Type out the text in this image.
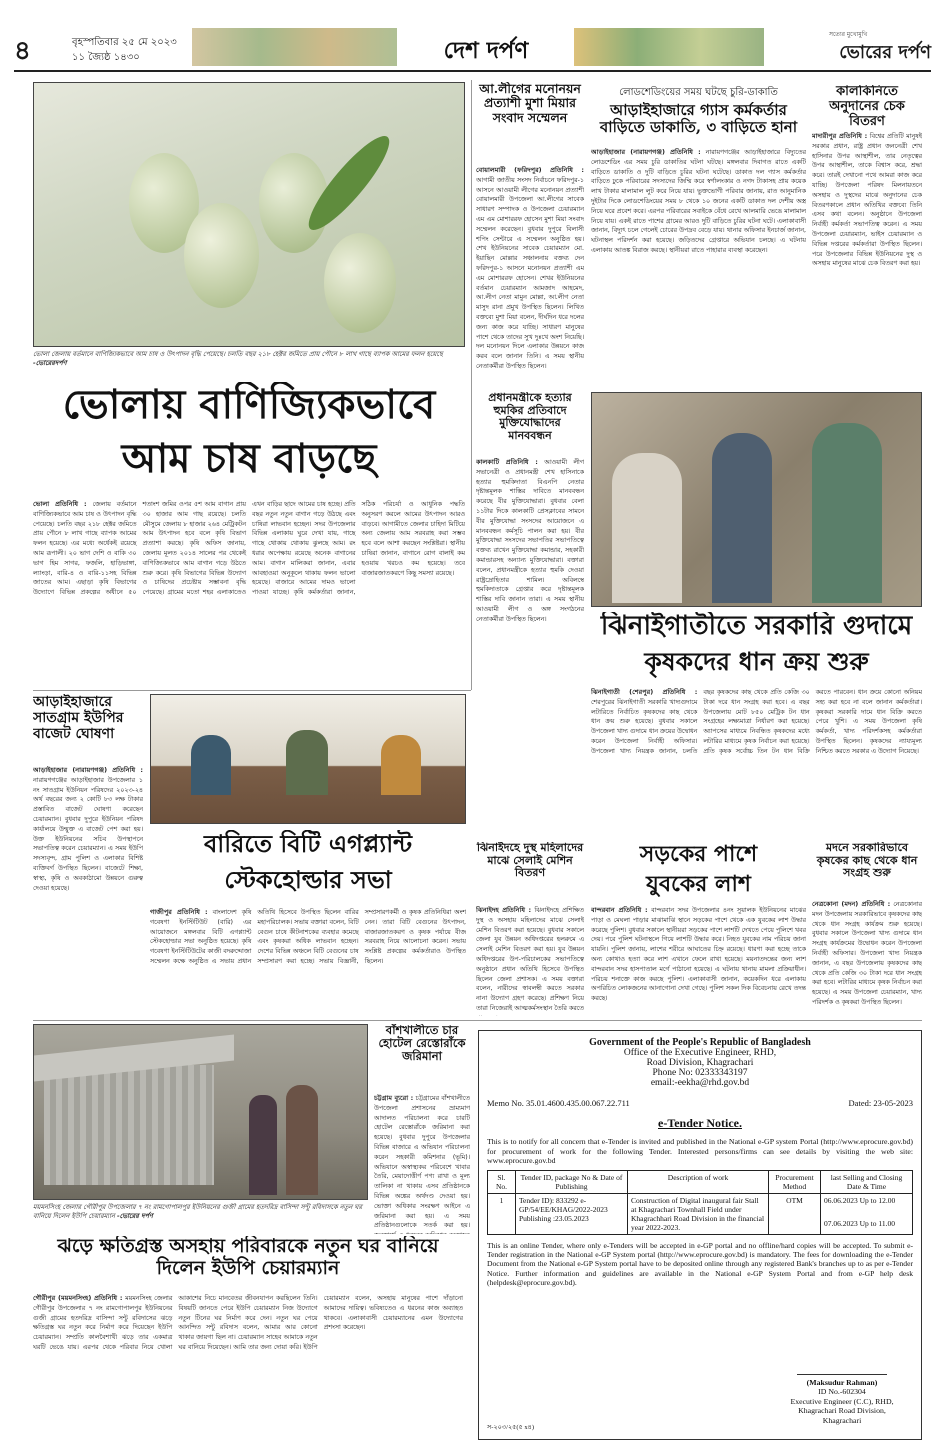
৪	বৃহস্পতিবার ২৫ মে ২০২৩
১১ জ্যৈষ্ঠ ১৪৩০	দেশ দর্পণ
সত্যের মুখোমুখি
ভোরের দর্পণ
ভোলা জেলায় বর্তমানে বাণিজ্যিকভাবে আম চাষ ও উৎপাদন বৃদ্ধি পেয়েছে। চলতি বছর ২১৮ হেক্টর জমিতে প্রায় পৌনে ৮ লাখ গাছে ব্যাপক আমের ফলন হয়েছে -ভোরেরদর্পণ
ভোলায় বাণিজ্যিকভাবে
আম চাষ বাড়ছে
ভোলা প্রতিনিধি : জেলায় বর্তমানে বাণিজ্যিকভাবে আম চাষ ও উৎপাদন বৃদ্ধি পেয়েছে। চলতি বছর ২১৮ হেক্টর জমিতে প্রায় পৌনে ৮ লাখ গাছে ব্যাপক আমের ফলন হয়েছে। এর মধ্যে অর্ধেকই রয়েছে আম রূপালী। ২০ ভাগ দেশি ও বাকি ৩০ ভাগ হিম সাগর, ফজলি, হাড়িভাঙ্গা, ল্যাংড়া, বারি-৪ ও বারি-১১সহ বিভিন্ন জাতের আম। এছাড়া কৃষি বিভাগের উদ্যোগে বিভিন্ন প্রকল্পের অধীনে ৫০ শতাংশ জমির ওপর ৫শ আম বাগান প্রায় ৩০ হাজার আম গাছ রয়েছে। চলতি মৌসুমে জেলায় ৮ হাজার ২৬৪ মেট্রিকটন আম উৎপাদন হবে বলে কৃষি বিভাগ প্রত্যাশা করছে। কৃষি অফিস জানায়, জেলায় মূলত ২০১৪ সালের পর থেকেই বাণিজ্যিকভাবে আম বাগান গড়ে উঠতে শুরু করে। কৃষি বিভাগের বিভিন্ন উদ্যোগ ও চাষিদের প্রচেষ্টায় সম্ভাবনা বৃদ্ধি পেয়েছে। গ্রামের মতো শহর এলাকাতেও এখন বাড়ির ছাদে আমের চাষ হচ্ছে। প্রতি বছর নতুন নতুন বাগান গড়ে উঠছে এবং চাষিরা লাভবান হচ্ছেন। সদর উপজেলার বিভিন্ন এলাকায় ঘুরে দেখা যায়, গাছে গাছে থোকায় থোকায় ঝুলছে আম। রং ধরার অপেক্ষায় রয়েছে অনেক বাগানের আম। বাগান মালিকরা জানান, এবার আবহাওয়া অনুকূলে থাকায় ফলন ভালো হয়েছে। বাজারে আমের দামও ভালো পাওয়া যাচ্ছে। কৃষি কর্মকর্তারা জানান, সঠিক পরিচর্যা ও আধুনিক পদ্ধতি অনুসরণ করলে আমের উৎপাদন আরও বাড়বে। আগামীতে জেলার চাহিদা মিটিয়ে অন্য জেলায় আম সরবরাহ করা সম্ভব হবে বলে আশা করছেন সংশ্লিষ্টরা। স্থানীয় চাষিরা জানান, বাগানে রোগ বালাই কম হওয়ায় খরচও কম হয়েছে। তবে বাজারজাতকরণে কিছু সমস্যা রয়েছে।
আ.লীগের মনোনয়ন প্রত্যাশী মুশা মিয়ার সংবাদ সম্মেলন
বোয়ালমারী (ফরিদপুর) প্রতিনিধি : আগামী জাতীয় সংসদ নির্বাচনে ফরিদপুর-১ আসনে আওয়ামী লীগের মনোনয়ন প্রত্যাশী বোয়ালমারী উপজেলা আ.লীগের সাবেক সাধারণ সম্পাদক ও উপজেলা চেয়ারম্যান এম এম মোশাররফ হোসেন মুশা মিয়া সংবাদ সম্মেলন করেছেন। বুধবার দুপুরে বিলাসী শপিং সেন্টারে এ সম্মেলন অনুষ্ঠিত হয়। শেখ ইউনিয়নের সাবেক চেয়ারম্যান মো. ইয়াছিন মোল্লার সঞ্চালনায় বক্তব্য দেন ফরিদপুর-১ আসনে মনোনয়ন প্রত্যাশী এম এম মোশাররফ হোসেন। শেখর ইউনিয়নের বর্তমান চেয়ারম্যান আমজাদ আহমেদ, আ.লীগ নেতা মামুন মোল্লা, আ.লীগ নেতা মাসুদ রানা প্রমুখ উপস্থিত ছিলেন। লিখিত বক্তব্যে মুশা মিয়া বলেন, দীর্ঘদিন ধরে দলের জন্য কাজ করে যাচ্ছি। সাধারণ মানুষের পাশে থেকে তাদের সুখ দুঃখে অংশ নিয়েছি। দল মনোনয়ন দিলে এলাকার উন্নয়নে কাজ করব বলে জানান তিনি। এ সময় স্থানীয় নেতাকর্মীরা উপস্থিত ছিলেন।
লোডশেডিংয়ের সময় ঘটছে চুরি-ডাকাতি
আড়াইহাজারে গ্যাস কর্মকর্তার বাড়িতে ডাকাতি, ৩ বাড়িতে হানা
আড়াইহাজার (নারায়ণগঞ্জ) প্রতিনিধি : নারায়ণগঞ্জের আড়াইহাজারে বিদ্যুতের লোডশেডিং এর সময় চুরি ডাকাতির ঘটনা ঘটছে। মঙ্গলবার দিবাগত রাতে একটি বাড়িতে ডাকাতি ও দুটি বাড়িতে চুরির ঘটনা ঘটেছে। ডাকাত দল গ্যাস কর্মকর্তার বাড়িতে ঢুকে পরিবারের সদস্যদের জিম্মি করে স্বর্ণালংকার ও নগদ টাকাসহ প্রায় কয়েক লাখ টাকার মালামাল লুট করে নিয়ে যায়। ভুক্তভোগী পরিবার জানায়, রাত আনুমানিক দুইটার দিকে লোডশেডিংয়ের সময় ৮ থেকে ১০ জনের একটি ডাকাত দল দেশীয় অস্ত্র নিয়ে ঘরে প্রবেশ করে। এরপর পরিবারের সবাইকে বেঁধে রেখে আলমারি ভেঙে মালামাল নিয়ে যায়। একই রাতে পাশের গ্রামের আরও দুটি বাড়িতে চুরির ঘটনা ঘটে। এলাকাবাসী জানান, বিদ্যুৎ চলে গেলেই চোরের উপদ্রব বেড়ে যায়। থানার অফিসার ইনচার্জ জানান, ঘটনাস্থল পরিদর্শন করা হয়েছে। জড়িতদের গ্রেপ্তারে অভিযান চলছে। এ ঘটনায় এলাকায় আতঙ্ক বিরাজ করছে। স্থানীয়রা রাতে পাহারার ব্যবস্থা করেছেন।
কালকিনিতে অনুদানের চেক বিতরণ
মাদারীপুর প্রতিনিধি : বিশ্বের প্রতিটি মানুষই সরকার প্রধান, রাষ্ট্র প্রধান জননেত্রী শেখ হাসিনার উপর আস্থাশীল, তার নেতৃত্বের উপর আস্থাশীল, তাকে বিশ্বাস করে, শ্রদ্ধা করে। তারই দেখানো পথে আমরা কাজ করে যাচ্ছি। উপজেলা পরিষদ মিলনায়তনে অসহায় ও দুস্থদের মাঝে অনুদানের চেক বিতরণকালে প্রধান অতিথির বক্তব্যে তিনি এসব কথা বলেন। অনুষ্ঠানে উপজেলা নির্বাহী কর্মকর্তা সভাপতিত্ব করেন। এ সময় উপজেলা চেয়ারম্যান, ভাইস চেয়ারম্যান ও বিভিন্ন দপ্তরের কর্মকর্তারা উপস্থিত ছিলেন। পরে উপজেলার বিভিন্ন ইউনিয়নের দুস্থ ও অসহায় মানুষের মাঝে চেক বিতরণ করা হয়।
প্রধানমন্ত্রীকে হত্যার হুমকির প্রতিবাদে মুক্তিযোদ্ধাদের মানববন্ধন
কালকাটি প্রতিনিধি : আওয়ামী লীগ সভানেত্রী ও প্রধানমন্ত্রী শেখ হাসিনাকে হত্যার হুমকিদাতা বিএনপি নেতার দৃষ্টান্তমূলক শাস্তির দাবিতে মানববন্ধন করেছে বীর মুক্তিযোদ্ধারা। বুধবার বেলা ১১টার দিকে কালকাটি প্রেসক্লাবের সামনে বীর মুক্তিযোদ্ধা সংসদের আয়োজনে এ মানববন্ধন কর্মসূচি পালন করা হয়। বীর মুক্তিযোদ্ধা সংসদের সভাপতির সভাপতিত্বে বক্তব্য রাখেন মুক্তিযোদ্ধা কমান্ডার, সহকারী কমান্ডারসহ অন্যান্য মুক্তিযোদ্ধারা। বক্তারা বলেন, প্রধানমন্ত্রীকে হত্যার হুমকি দেওয়া রাষ্ট্রদ্রোহিতার শামিল। অবিলম্বে হুমকিদাতাকে গ্রেপ্তার করে দৃষ্টান্তমূলক শাস্তির দাবি জানান তারা। এ সময় স্থানীয় আওয়ামী লীগ ও অঙ্গ সংগঠনের নেতাকর্মীরা উপস্থিত ছিলেন।	ঝিনাইগাতীতে সরকারি গুদামে
কৃষকদের ধান ক্রয় শুরু
ঝিনাইগাতী (শেরপুর) প্রতিনিধি : শেরপুরের ঝিনাইগাতী সরকারি খাদ্যগুদামে লটারিতে নির্বাচিত কৃষকদের কাছ থেকে ধান ক্রয় শুরু হয়েছে। বুধবার সকালে উপজেলা খাদ্য গুদামে ধান ক্রয়ের উদ্বোধন করেন উপজেলা নির্বাহী অফিসার। উপজেলা খাদ্য নিয়ন্ত্রক জানান, চলতি বছর কৃষকদের কাছ থেকে প্রতি কেজি ৩০ টাকা দরে ধান সংগ্রহ করা হবে। এ বছর উপজেলায় মোট ৮৫০ মেট্রিক টন ধান সংগ্রহের লক্ষ্যমাত্রা নির্ধারণ করা হয়েছে। অ্যাপসের মাধ্যমে নিবন্ধিত কৃষকদের মধ্যে লটারির মাধ্যমে কৃষক নির্বাচন করা হয়েছে। প্রতি কৃষক সর্বোচ্চ তিন টন ধান বিক্রি করতে পারবেন। ধান ক্রয়ে কোনো অনিয়ম সহ্য করা হবে না বলে জানান কর্মকর্তারা। কৃষকরা সরকারি দামে ধান বিক্রি করতে পেরে খুশি। এ সময় উপজেলা কৃষি কর্মকর্তা, খাদ্য পরিদর্শকসহ কর্মকর্তারা উপস্থিত ছিলেন। কৃষকদের ন্যায্যমূল্য নিশ্চিত করতে সরকার এ উদ্যোগ নিয়েছে।
আড়াইহাজারে সাতগ্রাম ইউপির বাজেট ঘোষণা
আড়াইহাজার (নারায়ণগঞ্জ) প্রতিনিধি : নারায়ণগঞ্জের আড়াইহাজার উপজেলার ১ নং সাতগ্রাম ইউনিয়ন পরিষদের ২০২৩-২৪ অর্থ বছরের জন্য ২ কোটি ৮৩ লক্ষ টাকার প্রস্তাবিত বাজেট ঘোষণা করেছেন চেয়ারম্যান। বুধবার দুপুরে ইউনিয়ন পরিষদ কার্যালয়ে উন্মুক্ত এ বাজেট পেশ করা হয়। উক্ত ইউনিয়নের সচিব উপস্থাপনে সভাপতিত্ব করেন চেয়ারম্যান। এ সময় ইউপি সদস্যবৃন্দ, গ্রাম পুলিশ ও এলাকার বিশিষ্ট ব্যক্তিবর্গ উপস্থিত ছিলেন। বাজেটে শিক্ষা, স্বাস্থ্য, কৃষি ও অবকাঠামো উন্নয়নে গুরুত্ব দেওয়া হয়েছে।
বারিতে বিটি এগপ্ল্যান্ট
স্টেকহোল্ডার সভা
গাজীপুর প্রতিনিধি : বাংলাদেশ কৃষি গবেষণা ইনস্টিটিউট (বারি) এর আয়োজনে মঙ্গলবার বিটি এগপ্ল্যান্ট স্টেকহোল্ডার সভা অনুষ্ঠিত হয়েছে। কৃষি গবেষণা ইনস্টিটিউটের কাজী বদরুদ্দোজা সম্মেলন কক্ষে অনুষ্ঠিত এ সভায় প্রধান অতিথি হিসেবে উপস্থিত ছিলেন বারির মহাপরিচালক। সভায় বক্তারা বলেন, বিটি বেগুন চাষে কীটনাশকের ব্যবহার কমেছে এবং কৃষকরা অধিক লাভবান হচ্ছেন। দেশের বিভিন্ন অঞ্চলে বিটি বেগুনের চাষ সম্প্রসারণ করা হচ্ছে। সভায় বিজ্ঞানী, সম্প্রসারণকর্মী ও কৃষক প্রতিনিধিরা অংশ নেন। তারা বিটি বেগুনের উৎপাদন, বাজারজাতকরণ ও কৃষক পর্যায়ে বীজ সরবরাহ নিয়ে আলোচনা করেন। সভায় সংশ্লিষ্ট প্রকল্পের কর্মকর্তারাও উপস্থিত ছিলেন।
ঝিনাইদহে দুস্থ মহিলাদের মাঝে সেলাই মেশিন বিতরণ
ঝিনাইদহ প্রতিনিধি : ঝিনাইদহে প্রশিক্ষিত দুস্থ ও অসহায় মহিলাদের মাঝে সেলাই মেশিন বিতরণ করা হয়েছে। বুধবার সকালে জেলা যুব উন্নয়ন অধিদপ্তরের হলরুমে এ সেলাই মেশিন বিতরণ করা হয়। যুব উন্নয়ন অধিদপ্তরের উপ-পরিচালকের সভাপতিত্বে অনুষ্ঠানে প্রধান অতিথি হিসেবে উপস্থিত ছিলেন জেলা প্রশাসক। এ সময় বক্তারা বলেন, নারীদের স্বাবলম্বী করতে সরকার নানা উদ্যোগ গ্রহণ করেছে। প্রশিক্ষণ নিয়ে তারা নিজেরাই আত্মকর্মসংস্থান তৈরি করতে
সড়কের পাশে
যুবকের লাশ
বান্দরবান প্রতিনিধি : বান্দরবান সদর উপজেলার ৪নং সুয়ালক ইউনিয়নের মাঝের পাড়া ও মেঘলা পাড়ার মাঝামাঝি স্থানে সড়কের পাশে থেকে এক যুবকের লাশ উদ্ধার করেছে পুলিশ। বুধবার সকালে স্থানীয়রা সড়কের পাশে লাশটি দেখতে পেয়ে পুলিশে খবর দেয়। পরে পুলিশ ঘটনাস্থলে গিয়ে লাশটি উদ্ধার করে। নিহত যুবকের নাম পরিচয় জানা যায়নি। পুলিশ জানায়, লাশের শরীরে আঘাতের চিহ্ন রয়েছে। ধারণা করা হচ্ছে তাকে অন্য কোথাও হত্যা করে লাশ এখানে ফেলে রাখা হয়েছে। ময়নাতদন্তের জন্য লাশ বান্দরবান সদর হাসপাতাল মর্গে পাঠানো হয়েছে। এ ঘটনায় থানায় মামলা প্রক্রিয়াধীন। পরিচয় শনাক্তে কাজ করছে পুলিশ। এলাকাবাসী জানান, কয়েকদিন ধরে এলাকায় অপরিচিত লোকজনের আনাগোনা দেখা গেছে। পুলিশ সকল দিক বিবেচনায় রেখে তদন্ত করছে।
মদনে সরকারিভাবে কৃষকের কাছ থেকে ধান সংগ্রহ শুরু
নেত্রকোনা (মদন) প্রতিনিধি : নেত্রকোনার মদন উপজেলায় সরকারিভাবে কৃষকদের কাছ থেকে ধান সংগ্রহ কার্যক্রম শুরু হয়েছে। বুধবার সকালে উপজেলা খাদ্য গুদামে ধান সংগ্রহ কার্যক্রমের উদ্বোধন করেন উপজেলা নির্বাহী অফিসার। উপজেলা খাদ্য নিয়ন্ত্রক জানান, এ বছর উপজেলায় কৃষকদের কাছ থেকে প্রতি কেজি ৩০ টাকা দরে ধান সংগ্রহ করা হবে। লটারির মাধ্যমে কৃষক নির্বাচন করা হয়েছে। এ সময় উপজেলা চেয়ারম্যান, খাদ্য পরিদর্শক ও কৃষকরা উপস্থিত ছিলেন।
ময়মনসিংহ জেলার গৌরীপুর উপজেলার ৭ নং রামগোপালপুর ইউনিয়নের গুজী গ্রামের হতদরিদ্র বাসিন্দা সন্টু রবিদাসকে নতুন ঘর বানিয়ে দিলেন ইউপি চেয়ারম্যান -ভোরের দর্পণ
ঝড়ে ক্ষতিগ্রস্ত অসহায় পরিবারকে নতুন ঘর বানিয়ে দিলেন ইউপি চেয়ারম্যান
গৌরীপুর (ময়মনসিংহ) প্রতিনিধি : ময়মনসিংহ জেলার গৌরীপুর উপজেলার ৭ নং রামগোপালপুর ইউনিয়নের গুজী গ্রামের হতদরিদ্র বাসিন্দা সন্টু রবিদাসের ঝড়ে ক্ষতিগ্রস্ত ঘর নতুন করে নির্মাণ করে দিয়েছেন ইউপি চেয়ারম্যান। সম্প্রতি কালবৈশাখী ঝড়ে তার একমাত্র ঘরটি ভেঙে যায়। এরপর থেকে পরিবার নিয়ে খোলা আকাশের নিচে মানবেতর জীবনযাপন করছিলেন তিনি। বিষয়টি জানতে পেরে ইউপি চেয়ারম্যান নিজ উদ্যোগে নতুন টিনের ঘর নির্মাণ করে দেন। নতুন ঘর পেয়ে আনন্দিত সন্টু রবিদাস বলেন, আমার আর কোনো থাকার জায়গা ছিল না। চেয়ারম্যান সাহেব আমাকে নতুন ঘর বানিয়ে দিয়েছেন। আমি তার জন্য দোয়া করি। ইউপি চেয়ারম্যান বলেন, অসহায় মানুষের পাশে দাঁড়ানো আমাদের দায়িত্ব। ভবিষ্যতেও এ ধরনের কাজ অব্যাহত থাকবে। এলাকাবাসী চেয়ারম্যানের এমন উদ্যোগের প্রশংসা করেছেন।
বাঁশখালীতে চার হোটেল রেস্তোরাঁকে জরিমানা
চট্টগ্রাম ব্যুরো : চট্টগ্রামের বাঁশখালীতে উপজেলা প্রশাসনের ভ্রাম্যমাণ আদালত পরিচালনা করে চারটি হোটেল রেস্তোরাঁকে জরিমানা করা হয়েছে। বুধবার দুপুরে উপজেলার বিভিন্ন বাজারে এ অভিযান পরিচালনা করেন সহকারী কমিশনার (ভূমি)। অভিযানে অস্বাস্থ্যকর পরিবেশে খাবার তৈরি, মেয়াদোত্তীর্ণ পণ্য রাখা ও মূল্য তালিকা না থাকায় এসব প্রতিষ্ঠানকে বিভিন্ন অঙ্কের অর্থদণ্ড দেওয়া হয়। ভোক্তা অধিকার সংরক্ষণ আইনে এ জরিমানা করা হয়। এ সময় প্রতিষ্ঠানগুলোকে সতর্ক করা হয়।
Government of the People's Republic of Bangladesh
Office of the Executive Engineer, RHD,
Road Division, Khagrachari
Phone No: 02333343197
email:-eekha@rhd.gov.bd
Memo No. 35.01.4600.435.00.067.22.711	Dated: 23-05-2023
e-Tender Notice.
This is to notify for all concern that e-Tender is invited and published in the National e-GP system Portal (http://www.eprocure.gov.bd) for procurement of work for the following Tender. Interested persons/firms can see details by visiting the web site: www.eprocure.gov.bd
Sl. No.	Tender ID, package No & Date of Publishing	Description of work	Procurement Method	last Selling and Closing Date & Time
1	Tender ID): 833292 e-GP/54/EE/KHAG/2022-2023 Publishing :23.05.2023	Construction of Digital inaugural fair Stall at Khagrachari Townhall Field under Khagrachhari Road Division in the financial year 2022-2023.	OTM	06.06.2023 Up to 12.00
07.06.2023 Up to 11.00
This is an online Tender, where only e-Tenders will be accepted in e-GP portal and no offline/hard copies will be accepted. To submit e-Tender registration in the National e-GP System portal (http://www.eprocure.gov.bd) is mandatory. The fees for downloading the e-Tender Document from the National e-GP System portal have to be deposited online through any registered Bank's branches up to as per e-Tender Notice. Further information and guidelines are available in the National e-GP System Portal and from e-GP help desk (helpdesk@eprocure.gov.bd).
(Maksudur Rahman)
ID No.-602304
Executive Engineer (C.C), RHD,
Khagrachari Road Division,
Khagrachari
স-২০৩/২৫(৫ x৪)
